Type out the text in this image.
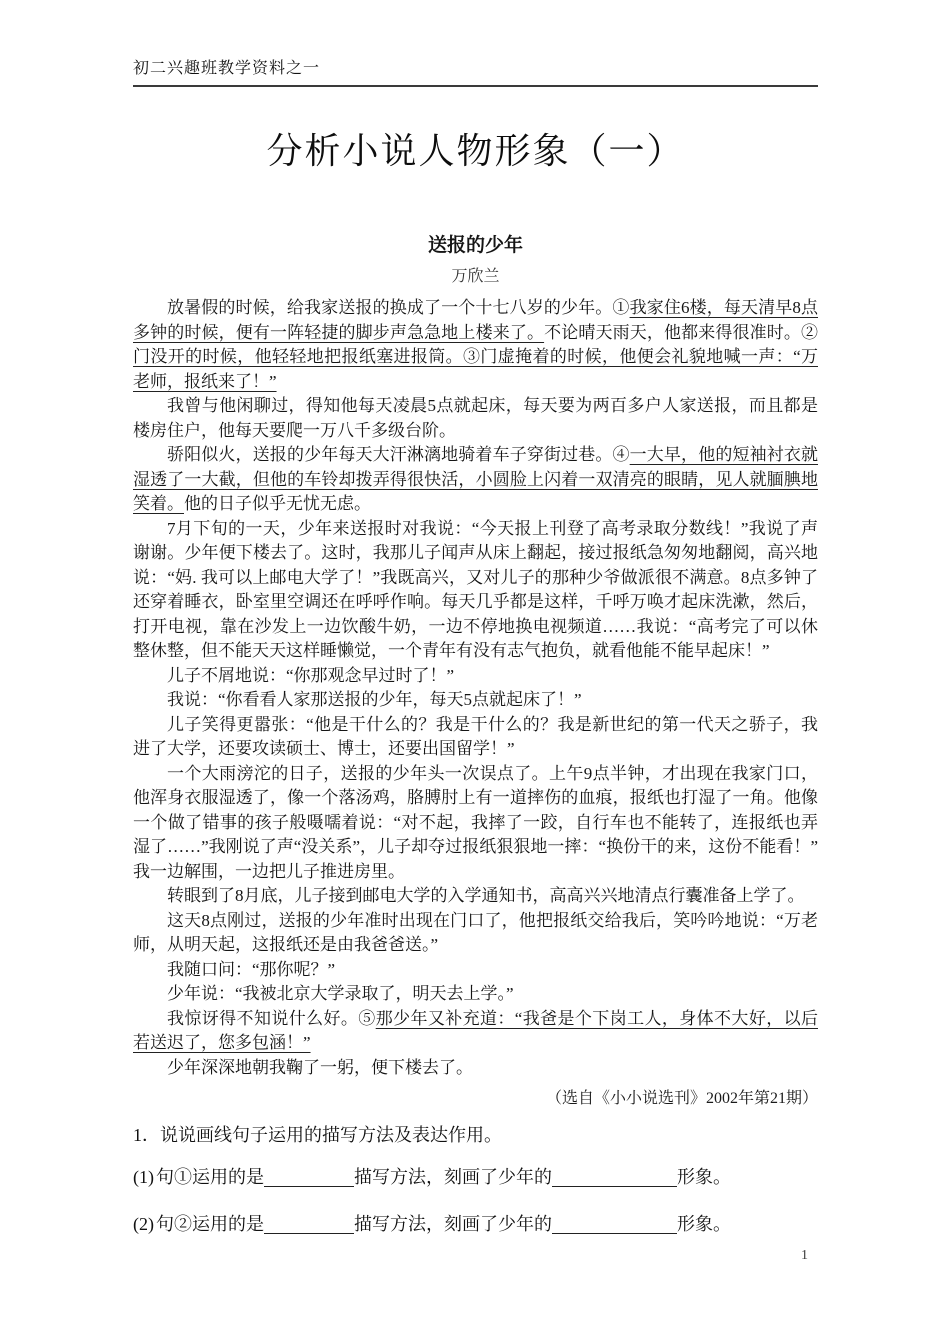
初二兴趣班教学资料之一
分析小说人物形象（一）
送报的少年
万欣兰

放暑假的时候，给我家送报的换成了一个十七八岁的少年。①我家住6楼，每天清早8点多钟的时候，便有一阵轻捷的脚步声急急地上楼来了。不论晴天雨天，他都来得很准时。②门没开的时候，他轻轻地把报纸塞进报筒。③门虚掩着的时候，他便会礼貌地喊一声：“万老师，报纸来了！”

我曾与他闲聊过，得知他每天凌晨5点就起床，每天要为两百多户人家送报，而且都是楼房住户，他每天要爬一万八千多级台阶。

骄阳似火，送报的少年每天大汗淋漓地骑着车子穿街过巷。④一大早，他的短袖衬衣就湿透了一大截，但他的车铃却拨弄得很快活，小圆脸上闪着一双清亮的眼睛，见人就腼腆地笑着。他的日子似乎无忧无虑。

7月下旬的一天，少年来送报时对我说：“今天报上刊登了高考录取分数线！”我说了声谢谢。少年便下楼去了。这时，我那儿子闻声从床上翻起，接过报纸急匆匆地翻阅，高兴地说：“妈. 我可以上邮电大学了！”我既高兴，又对儿子的那种少爷做派很不满意。8点多钟了还穿着睡衣，卧室里空调还在呼呼作响。每天几乎都是这样，千呼万唤才起床洗漱，然后，打开电视，靠在沙发上一边饮酸牛奶，一边不停地换电视频道……我说：“高考完了可以休整休整，但不能天天这样睡懒觉，一个青年有没有志气抱负，就看他能不能早起床！”

儿子不屑地说：“你那观念早过时了！”

我说：“你看看人家那送报的少年，每天5点就起床了！”

儿子笑得更嚣张：“他是干什么的？我是干什么的？我是新世纪的第一代天之骄子，我进了大学，还要攻读硕士、博士，还要出国留学！”

一个大雨滂沱的日子，送报的少年头一次误点了。上午9点半钟，才出现在我家门口，他浑身衣服湿透了，像一个落汤鸡，胳膊肘上有一道摔伤的血痕，报纸也打湿了一角。他像一个做了错事的孩子般嗫嚅着说：“对不起，我摔了一跤，自行车也不能转了，连报纸也弄湿了……”我刚说了声“没关系”，儿子却夺过报纸狠狠地一摔：“换份干的来，这份不能看！”我一边解围，一边把儿子推进房里。

转眼到了8月底，儿子接到邮电大学的入学通知书，高高兴兴地清点行囊准备上学了。

这天8点刚过，送报的少年准时出现在门口了，他把报纸交给我后，笑吟吟地说：“万老师，从明天起，这报纸还是由我爸爸送。”

我随口问：“那你呢？”

少年说：“我被北京大学录取了，明天去上学。”

我惊讶得不知说什么好。⑤那少年又补充道：“我爸是个下岗工人，身体不大好，以后若送迟了，您多包涵！”

少年深深地朝我鞠了一躬，便下楼去了。

（选自《小小说选刊》2002年第21期）
1．说说画线句子运用的描写方法及表达作用。
(1) 句①运用的是	描写方法，刻画了少年的	形象。
(2) 句②运用的是	描写方法，刻画了少年的	形象。
1
